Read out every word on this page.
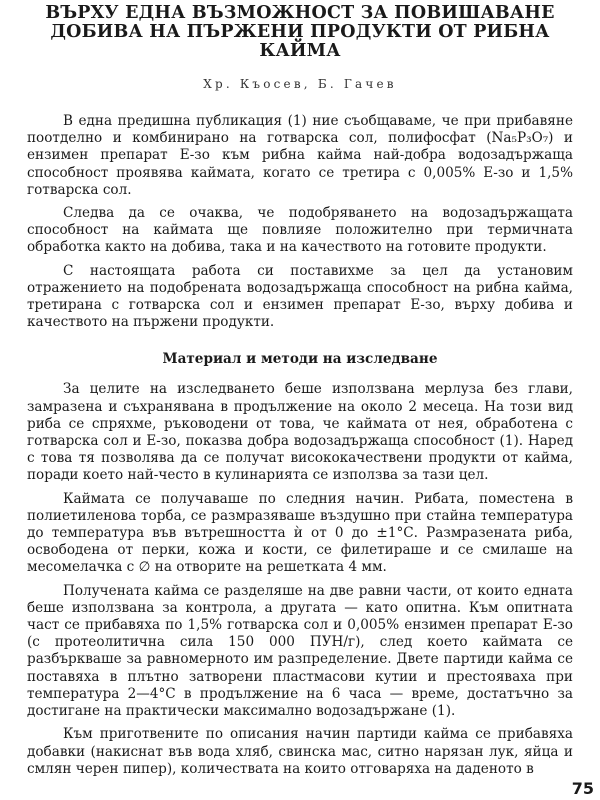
ВЪРХУ ЕДНА ВЪЗМОЖНОСТ ЗА ПОВИШАВАНЕ ДОБИВА НА ПЪРЖЕНИ ПРОДУКТИ ОТ РИБНА КАЙМА
Хр. Къосев, Б. Гачев

В една предишна публикация (1) ние съобщаваме, че при прибавяне поотделно и комбинирано на готварска сол, полифосфат (Na₅P₃O₇) и ензимен препарат Е-зо към рибна кайма най-добра водозадържаща способност проявява каймата, когато се третира с 0,005% Е-зо и 1,5% готварска сол.

Следва да се очаква, че подобряването на водозадържащата способност на каймата ще повлияе положително при термичната обработка както на добива, така и на качеството на готовите продукти.

С настоящата работа си поставихме за цел да установим отражението на подобрената водозадържаща способност на рибна кайма, третирана с готварска сол и ензимен препарат Е-зо, върху добива и качеството на пържени продукти.

Материал и методи на изследване

За целите на изследването беше използвана мерлуза без глави, замразена и съхранявана в продължение на около 2 месеца. На този вид риба се спряхме, ръководени от това, че каймата от нея, обработена с готварска сол и Е-зо, показва добра водозадържаща способност (1). Наред с това тя позволява да се получат висококачествени продукти от кайма, поради което най-често в кулинарията се използва за тази цел.

Каймата се получаваше по следния начин. Рибата, поместена в полиетиленова торба, се размразяваше въздушно при стайна температура до температура във вътрешността ѝ от 0 до ±1°С. Размразената риба, освободена от перки, кожа и кости, се филетираше и се смилаше на месомелачка с ∅ на отворите на решетката 4 мм.

Получената кайма се разделяше на две равни части, от които едната беше използвана за контрола, а другата — като опитна. Към опитната част се прибавяха по 1,5% готварска сол и 0,005% ензимен препарат Е-зо (с протеолитична сила 150 000 ПУН/г), след което каймата се разбъркваше за равномерното им разпределение. Двете партиди кайма се поставяха в плътно затворени пластмасови кутии и престояваха при температура 2—4°С в продължение на 6 часа — време, достатъчно за достигане на практически максимално водозадържане (1).

Към приготвените по описания начин партиди кайма се прибавяха добавки (накиснат във вода хляб, свинска мас, ситно нарязан лук, яйца и смлян черен пипер), количествата на които отговаряха на даденото в

75
